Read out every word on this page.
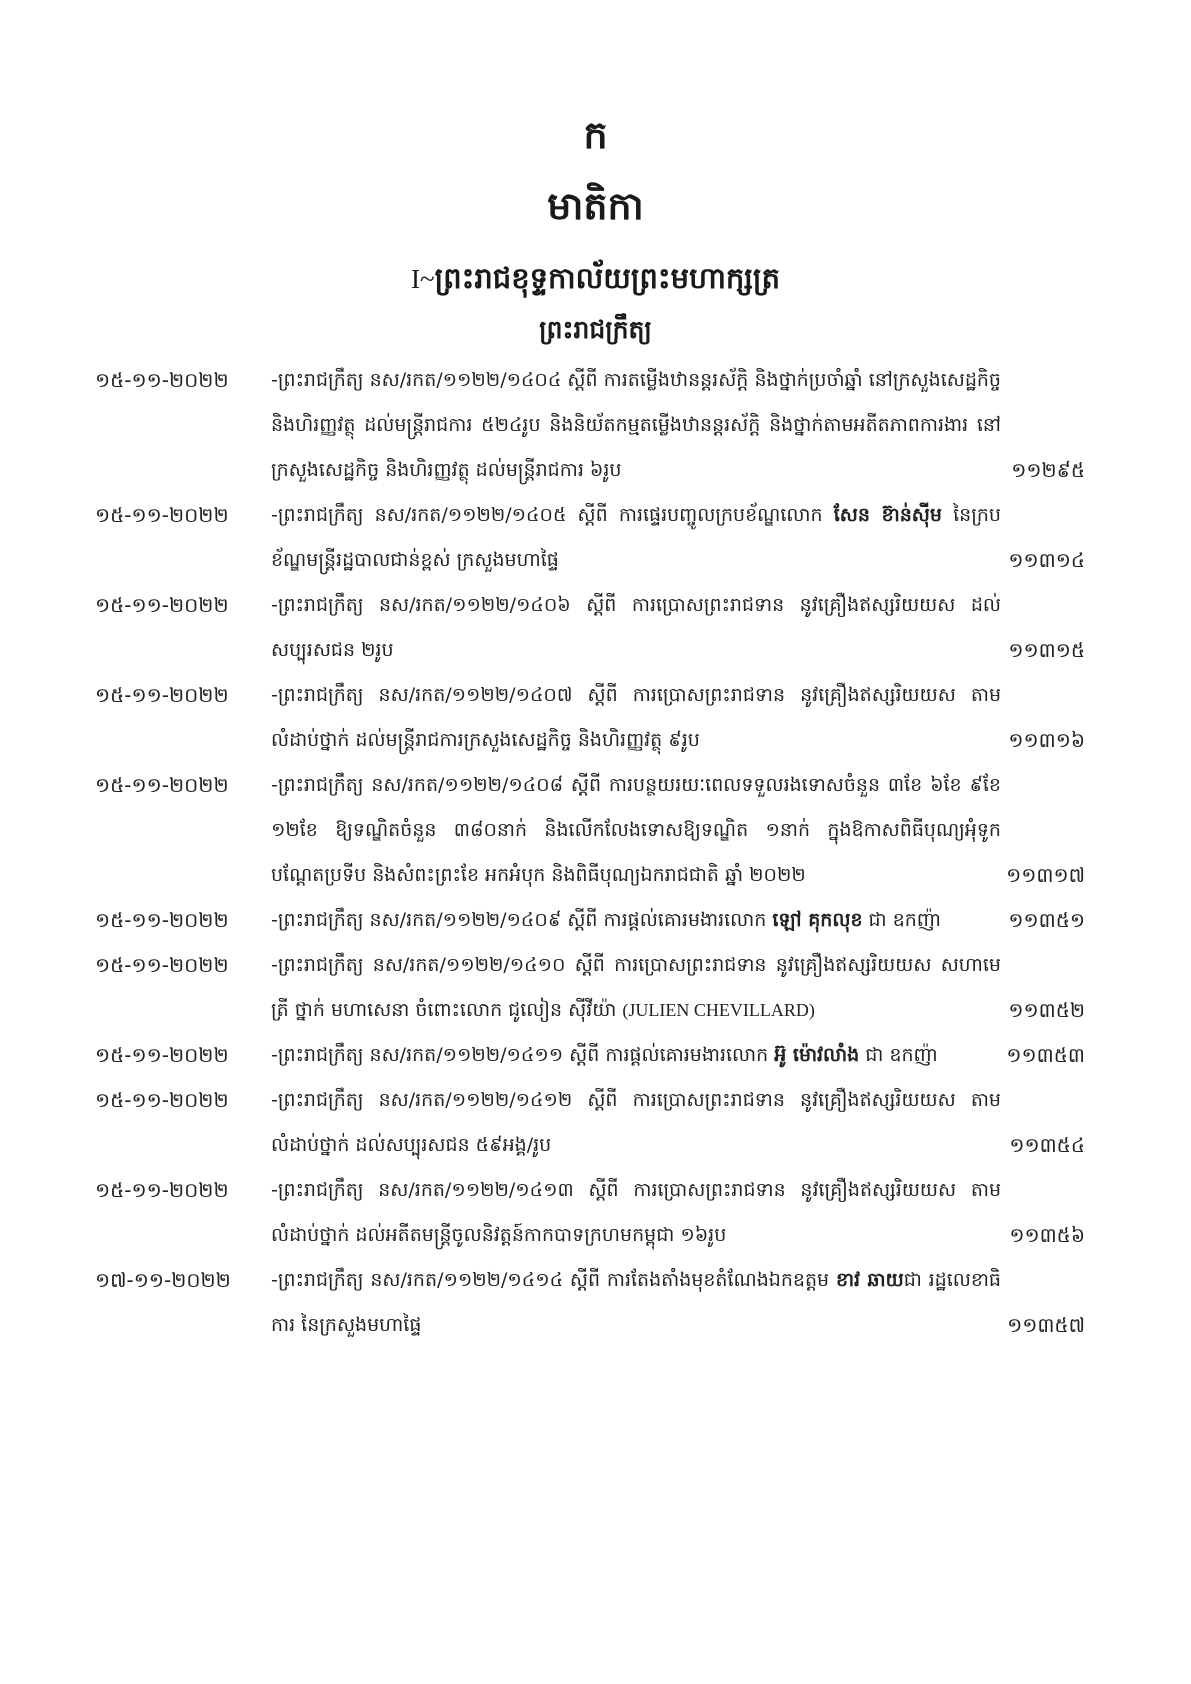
ក
មាតិកា
I~ព្រះរាជខុទ្ទកាល័យព្រះមហាក្សត្រ
ព្រះរាជក្រឹត្យ
១៥-១១-២០២២	-ព្រះរាជក្រឹត្យ នស/រកត/១១២២/១៤០៤ ស្តីពី ការតម្លើងឋានន្តរស័ក្តិ និងថ្នាក់ប្រចាំឆ្នាំ នៅក្រសួងសេដ្ឋកិច្ច និងហិរញ្ញវត្ថុ ដល់មន្ត្រីរាជការ ៥២៤រូប និងនិយ័តកម្មតម្លើងឋានន្តរស័ក្តិ និងថ្នាក់តាមអតីតភាពការងារ នៅក្រសួងសេដ្ឋកិច្ច និងហិរញ្ញវត្ថុ ដល់មន្ត្រីរាជការ ៦រូប	១១២៩៥
១៥-១១-២០២២	-ព្រះរាជក្រឹត្យ នស/រកត/១១២២/១៤០៥ ស្តីពី ការផ្ទេរបញ្ចូលក្របខ័ណ្ឌលោក សែន ខ៊ាន់ស៊ីម នៃក្របខ័ណ្ឌមន្ត្រីរដ្ឋបាលជាន់ខ្ពស់ ក្រសួងមហាផ្ទៃ	១១៣១៤
១៥-១១-២០២២	-ព្រះរាជក្រឹត្យ នស/រកត/១១២២/១៤០៦ ស្តីពី ការប្រោសព្រះរាជទាន នូវគ្រឿងឥស្សរិយយស ដល់សប្បុរសជន ២រូប	១១៣១៥
១៥-១១-២០២២	-ព្រះរាជក្រឹត្យ នស/រកត/១១២២/១៤០៧ ស្តីពី ការប្រោសព្រះរាជទាន នូវគ្រឿងឥស្សរិយយស តាមលំដាប់ថ្នាក់ ដល់មន្ត្រីរាជការក្រសួងសេដ្ឋកិច្ច និងហិរញ្ញវត្ថុ ៩រូប	១១៣១៦
១៥-១១-២០២២	-ព្រះរាជក្រឹត្យ នស/រកត/១១២២/១៤០៨ ស្តីពី ការបន្ថយរយៈពេលទទួលរងទោសចំនួន ៣ខែ ៦ខែ ៩ខែ ១២ខែ ឱ្យទណ្ឌិតចំនួន ៣៨០នាក់ និងលើកលែងទោសឱ្យទណ្ឌិត ១នាក់ ក្នុងឱកាសពិធីបុណ្យអុំទូក បណ្តែតប្រទីប និងសំពះព្រះខែ អកអំបុក និងពិធីបុណ្យឯករាជជាតិ ឆ្នាំ ២០២២	១១៣១៧
១៥-១១-២០២២	-ព្រះរាជក្រឹត្យ នស/រកត/១១២២/១៤០៩ ស្តីពី ការផ្តល់គោរមងារលោក ឡៅ គុកលុខ ជា ឧកញ៉ា	១១៣៥១
១៥-១១-២០២២	-ព្រះរាជក្រឹត្យ នស/រកត/១១២២/១៤១០ ស្តីពី ការប្រោសព្រះរាជទាន នូវគ្រឿងឥស្សរិយយស សហាមេត្រី ថ្នាក់ មហាសេនា ចំពោះលោក ជូលៀន ស៊ីវីយ៉ា (JULIEN CHEVILLARD)	១១៣៥២
១៥-១១-២០២២	-ព្រះរាជក្រឹត្យ នស/រកត/១១២២/១៤១១ ស្តីពី ការផ្តល់គោរមងារលោក អ៊ូ ម៉ោវលាំង ជា ឧកញ៉ា	១១៣៥៣
១៥-១១-២០២២	-ព្រះរាជក្រឹត្យ នស/រកត/១១២២/១៤១២ ស្តីពី ការប្រោសព្រះរាជទាន នូវគ្រឿងឥស្សរិយយស តាមលំដាប់ថ្នាក់ ដល់សប្បុរសជន ៥៩អង្គ/រូប	១១៣៥៤
១៥-១១-២០២២	-ព្រះរាជក្រឹត្យ នស/រកត/១១២២/១៤១៣ ស្តីពី ការប្រោសព្រះរាជទាន នូវគ្រឿងឥស្សរិយយស តាមលំដាប់ថ្នាក់ ដល់អតីតមន្ត្រីចូលនិវត្តន៍កាកបាទក្រហមកម្ពុជា ១៦រូប	១១៣៥៦
១៧-១១-២០២២	-ព្រះរាជក្រឹត្យ នស/រកត/១១២២/១៤១៤ ស្តីពី ការតែងតាំងមុខតំណែងឯកឧត្តម ខាវ ឆាយជា រដ្ឋលេខាធិការ នៃក្រសួងមហាផ្ទៃ	១១៣៥៧
